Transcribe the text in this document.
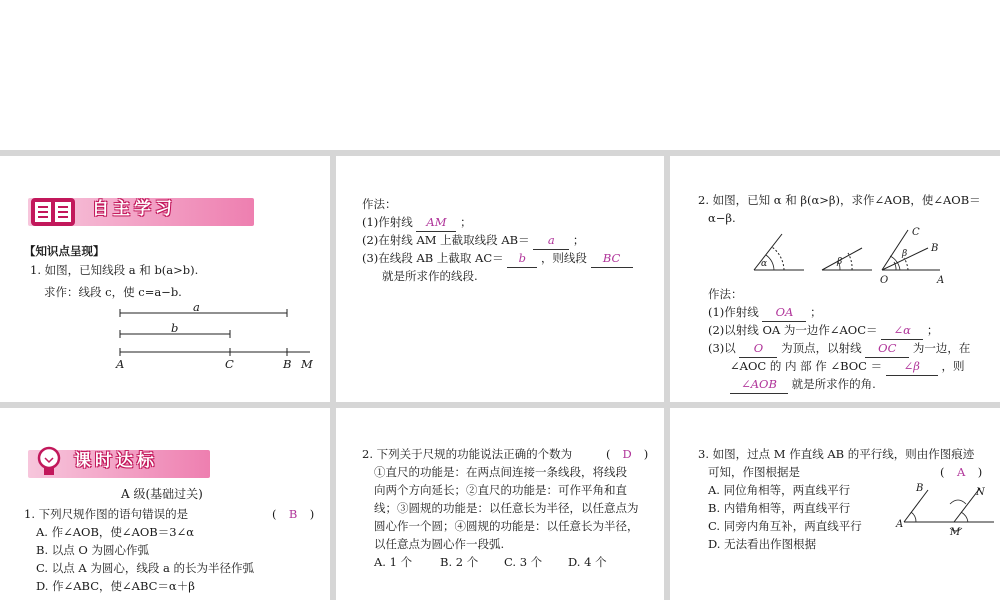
自主学习
【知识点呈现】
1. 如图，已知线段 a 和 b(a>b).
求作：线段 c，使 c=a−b.
a
b
A	C	B M
作法：
(1)作射线 AM ；
(2)在射线 AM 上截取线段 AB＝ a ；
(3)在线段 AB 上截取 AC＝ b ，则线段 BC
就是所求作的线段.
2. 如图，已知 α 和 β(α>β)，求作∠AOB，使∠AOB＝
α−β.
α	β
β
O	A
B
C
作法：
(1)作射线 OA ；
(2)以射线 OA 为一边作∠AOC＝ ∠α ；
(3)以 O 为顶点，以射线 OC 为一边，在
∠AOC 的 内 部 作 ∠BOC ＝ ∠β ，则
∠AOB 就是所求作的角.
课时达标
A 级(基础过关)
1. 下列尺规作图的语句错误的是	( B )
A. 作∠AOB，使∠AOB＝3∠α
B. 以点 O 为圆心作弧
C. 以点 A 为圆心，线段 a 的长为半径作弧
D. 作∠ABC，使∠ABC＝α＋β
2. 下列关于尺规的功能说法正确的个数为	( D )
①直尺的功能是：在两点间连接一条线段，将线段
向两个方向延长；②直尺的功能是：可作平角和直
线；③圆规的功能是：以任意长为半径，以任意点为
圆心作一个圆；④圆规的功能是：以任意长为半径，
以任意点为圆心作一段弧.
A. 1 个 B. 2 个 C. 3 个 D. 4 个
3. 如图，过点 M 作直线 AB 的平行线，则由作图痕迹
可知，作图根据是	( A )
A. 同位角相等，两直线平行
B. 内错角相等，两直线平行
C. 同旁内角互补，两直线平行
D. 无法看出作图根据
A
B
M
N
